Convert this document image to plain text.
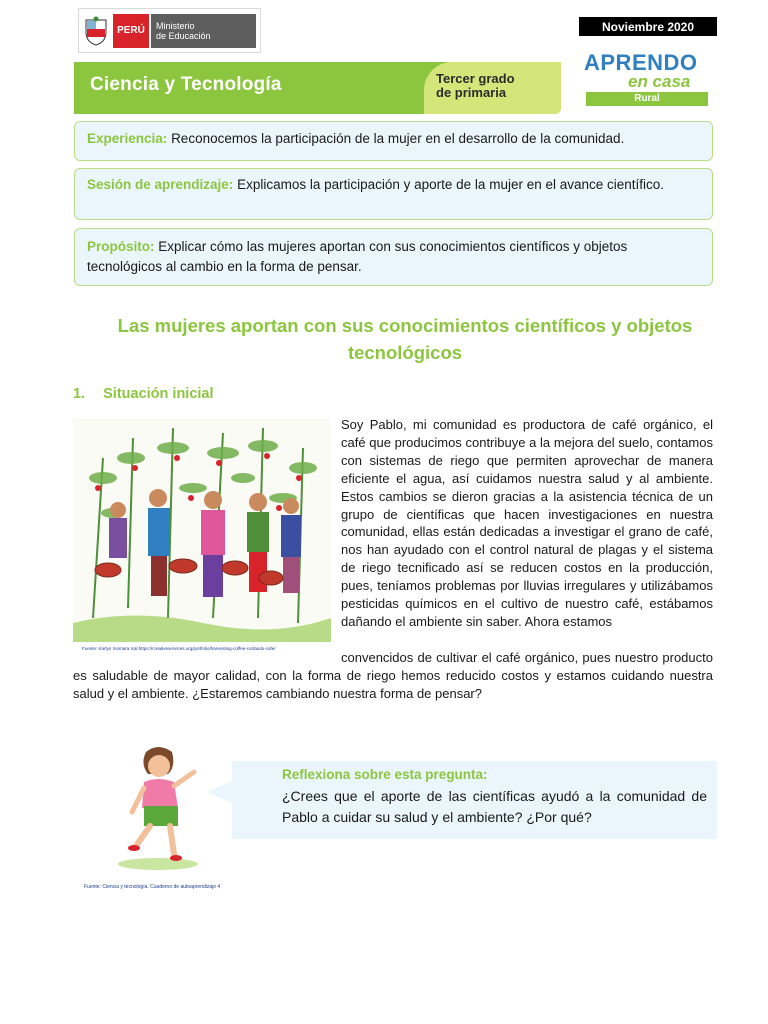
PERÚ	Ministerio
de Educación
Noviembre 2020
Ciencia y Tecnología	Tercer grado
de primaria
APRENDO
en casa
Rural
Experiencia: Reconocemos la participación de la mujer en el desarrollo de la comunidad.
Sesión de aprendizaje: Explicamos la participación y aporte de la mujer en el avance científico.
Propósito: Explicar cómo las mujeres aportan con sus conocimientos científicos y objetos tecnológicos al cambio en la forma de pensar.
Las mujeres aportan con sus conocimientos científicos y objetos tecnológicos
1. Situación inicial
Fuente: Karlyn Xiomara Ical https://creativeservices.org/portfolio/harvesting-coffee-cortando-cafe/
Soy Pablo, mi comunidad es productora de café orgánico, el café que producimos contribuye a la mejora del suelo, contamos con sistemas de riego que permiten aprovechar de manera eficiente el agua, así cuidamos nuestra salud y al ambiente. Estos cambios se dieron gracias a la asistencia técnica de un grupo de científicas que hacen investigaciones en nuestra comunidad, ellas están dedicadas a investigar el grano de café, nos han ayudado con el control natural de plagas y el sistema de riego tecnificado así se reducen costos en la producción, pues, teníamos problemas por lluvias irregulares y utilizábamos pesticidas químicos en el cultivo de nuestro café, estábamos dañando el ambiente sin saber. Ahora estamos
convencidos de cultivar el café orgánico, pues nuestro producto es saludable de mayor calidad, con la forma de riego hemos reducido costos y estamos cuidando nuestra salud y el ambiente. ¿Estaremos cambiando nuestra forma de pensar?
Fuente: Ciencia y tecnología. Cuaderno de autoaprendizaje 4
Reflexiona sobre esta pregunta:
¿Crees que el aporte de las científicas ayudó a la comunidad de Pablo a cuidar su salud y el ambiente? ¿Por qué?
